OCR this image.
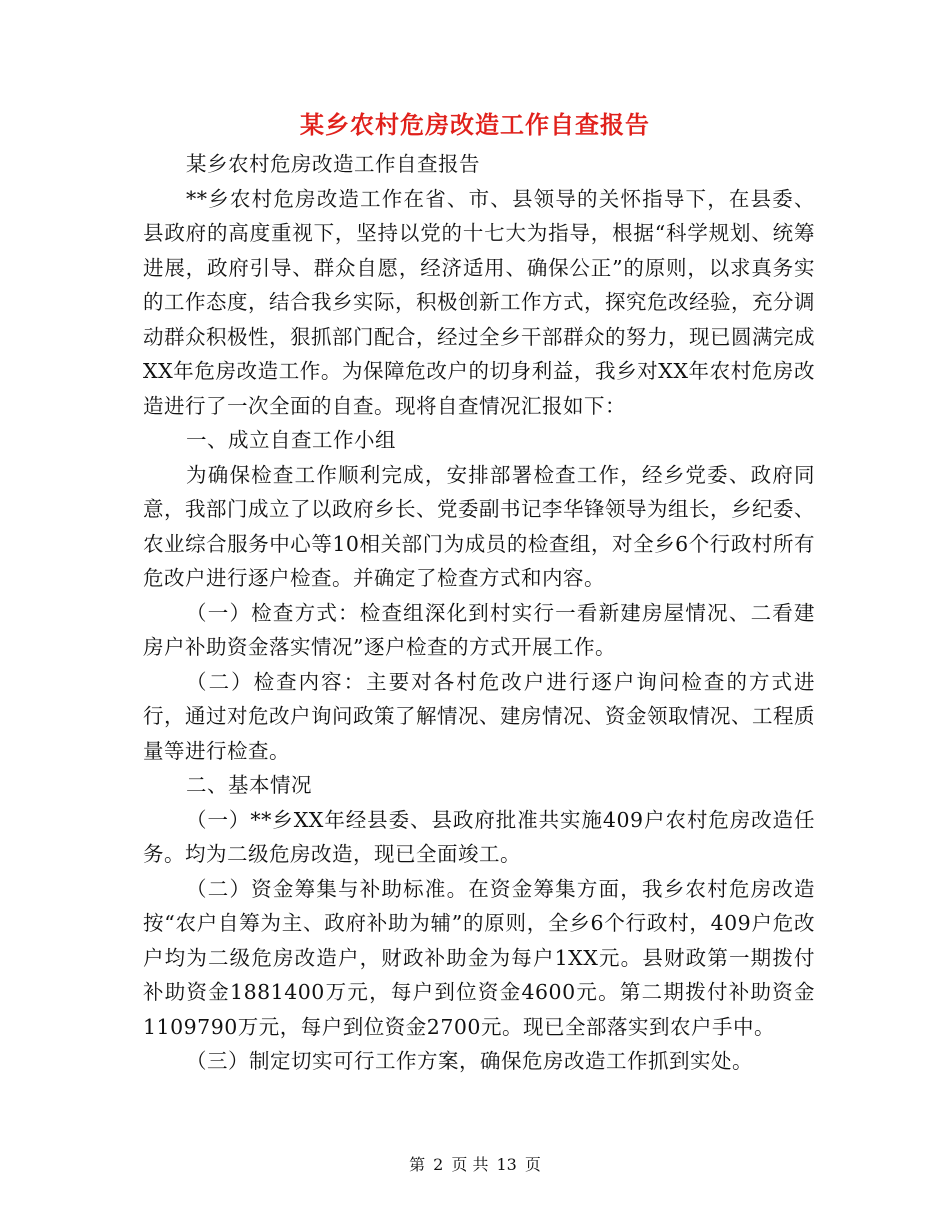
某乡农村危房改造工作自查报告

某乡农村危房改造工作自查报告

**乡农村危房改造工作在省、市、县领导的关怀指导下，在县委、县政府的高度重视下，坚持以党的十七大为指导，根据“科学规划、统筹进展，政府引导、群众自愿，经济适用、确保公正”的原则，以求真务实的工作态度，结合我乡实际，积极创新工作方式，探究危改经验，充分调动群众积极性，狠抓部门配合，经过全乡干部群众的努力，现已圆满完成XX年危房改造工作。为保障危改户的切身利益，我乡对XX年农村危房改造进行了一次全面的自查。现将自查情况汇报如下：

一、成立自查工作小组

为确保检查工作顺利完成，安排部署检查工作，经乡党委、政府同意，我部门成立了以政府乡长、党委副书记李华锋领导为组长，乡纪委、农业综合服务中心等10相关部门为成员的检查组，对全乡6个行政村所有危改户进行逐户检查。并确定了检查方式和内容。

（一）检查方式：检查组深化到村实行一看新建房屋情况、二看建房户补助资金落实情况”逐户检查的方式开展工作。

（二）检查内容：主要对各村危改户进行逐户询问检查的方式进行，通过对危改户询问政策了解情况、建房情况、资金领取情况、工程质量等进行检查。

二、基本情况

（一）**乡XX年经县委、县政府批准共实施409户农村危房改造任务。均为二级危房改造，现已全面竣工。

（二）资金筹集与补助标准。在资金筹集方面，我乡农村危房改造按“农户自筹为主、政府补助为辅”的原则，全乡6个行政村，409户危改户均为二级危房改造户，财政补助金为每户1XX元。县财政第一期拨付补助资金1881400万元，每户到位资金4600元。第二期拨付补助资金1109790万元，每户到位资金2700元。现已全部落实到农户手中。

（三）制定切实可行工作方案，确保危房改造工作抓到实处。

第 2 页 共 13 页
